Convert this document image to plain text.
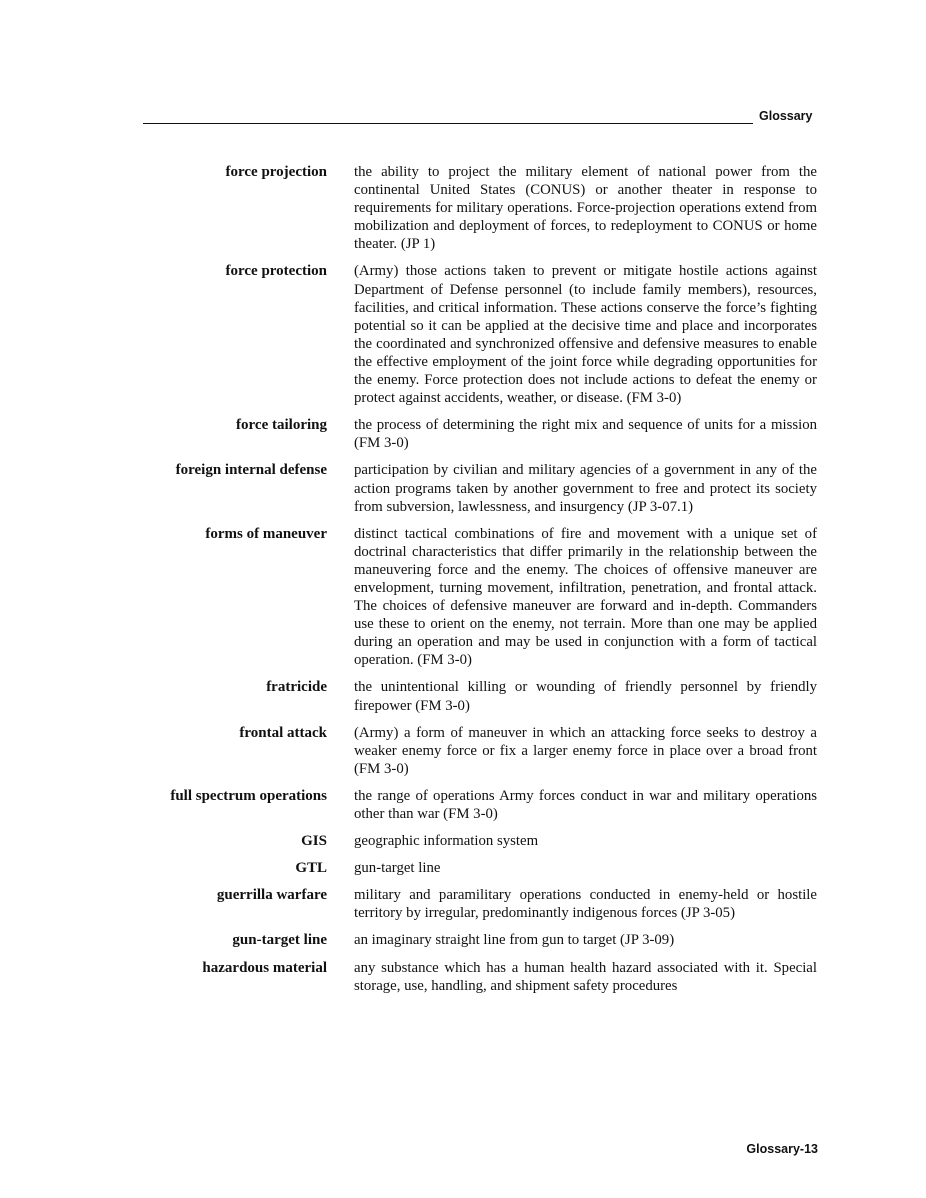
Glossary
force projection the ability to project the military element of national power from the continental United States (CONUS) or another theater in response to requirements for military operations. Force-projection operations extend from mobilization and deployment of forces, to redeployment to CONUS or home theater. (JP 1)
force protection (Army) those actions taken to prevent or mitigate hostile actions against Department of Defense personnel (to include family members), resources, facilities, and critical information. These actions conserve the force’s fighting potential so it can be applied at the decisive time and place and incorporates the coordinated and synchronized offensive and defensive measures to enable the effective employment of the joint force while degrading opportunities for the enemy. Force protection does not include actions to defeat the enemy or protect against accidents, weather, or disease. (FM 3-0)
force tailoring the process of determining the right mix and sequence of units for a mission (FM 3-0)
foreign internal defense participation by civilian and military agencies of a government in any of the action programs taken by another government to free and protect its society from subversion, lawlessness, and insurgency (JP 3-07.1)
forms of maneuver distinct tactical combinations of fire and movement with a unique set of doctrinal characteristics that differ primarily in the relationship between the maneuvering force and the enemy. The choices of offensive maneuver are envelopment, turning movement, infiltration, penetration, and frontal attack. The choices of defensive maneuver are forward and in-depth. Commanders use these to orient on the enemy, not terrain. More than one may be applied during an operation and may be used in conjunction with a form of tactical operation. (FM 3-0)
fratricide the unintentional killing or wounding of friendly personnel by friendly firepower (FM 3-0)
frontal attack (Army) a form of maneuver in which an attacking force seeks to destroy a weaker enemy force or fix a larger enemy force in place over a broad front (FM 3-0)
full spectrum operations the range of operations Army forces conduct in war and military operations other than war (FM 3-0)
GIS geographic information system
GTL gun-target line
guerrilla warfare military and paramilitary operations conducted in enemy-held or hostile territory by irregular, predominantly indigenous forces (JP 3-05)
gun-target line an imaginary straight line from gun to target (JP 3-09)
hazardous material any substance which has a human health hazard associated with it. Special storage, use, handling, and shipment safety procedures
Glossary-13
